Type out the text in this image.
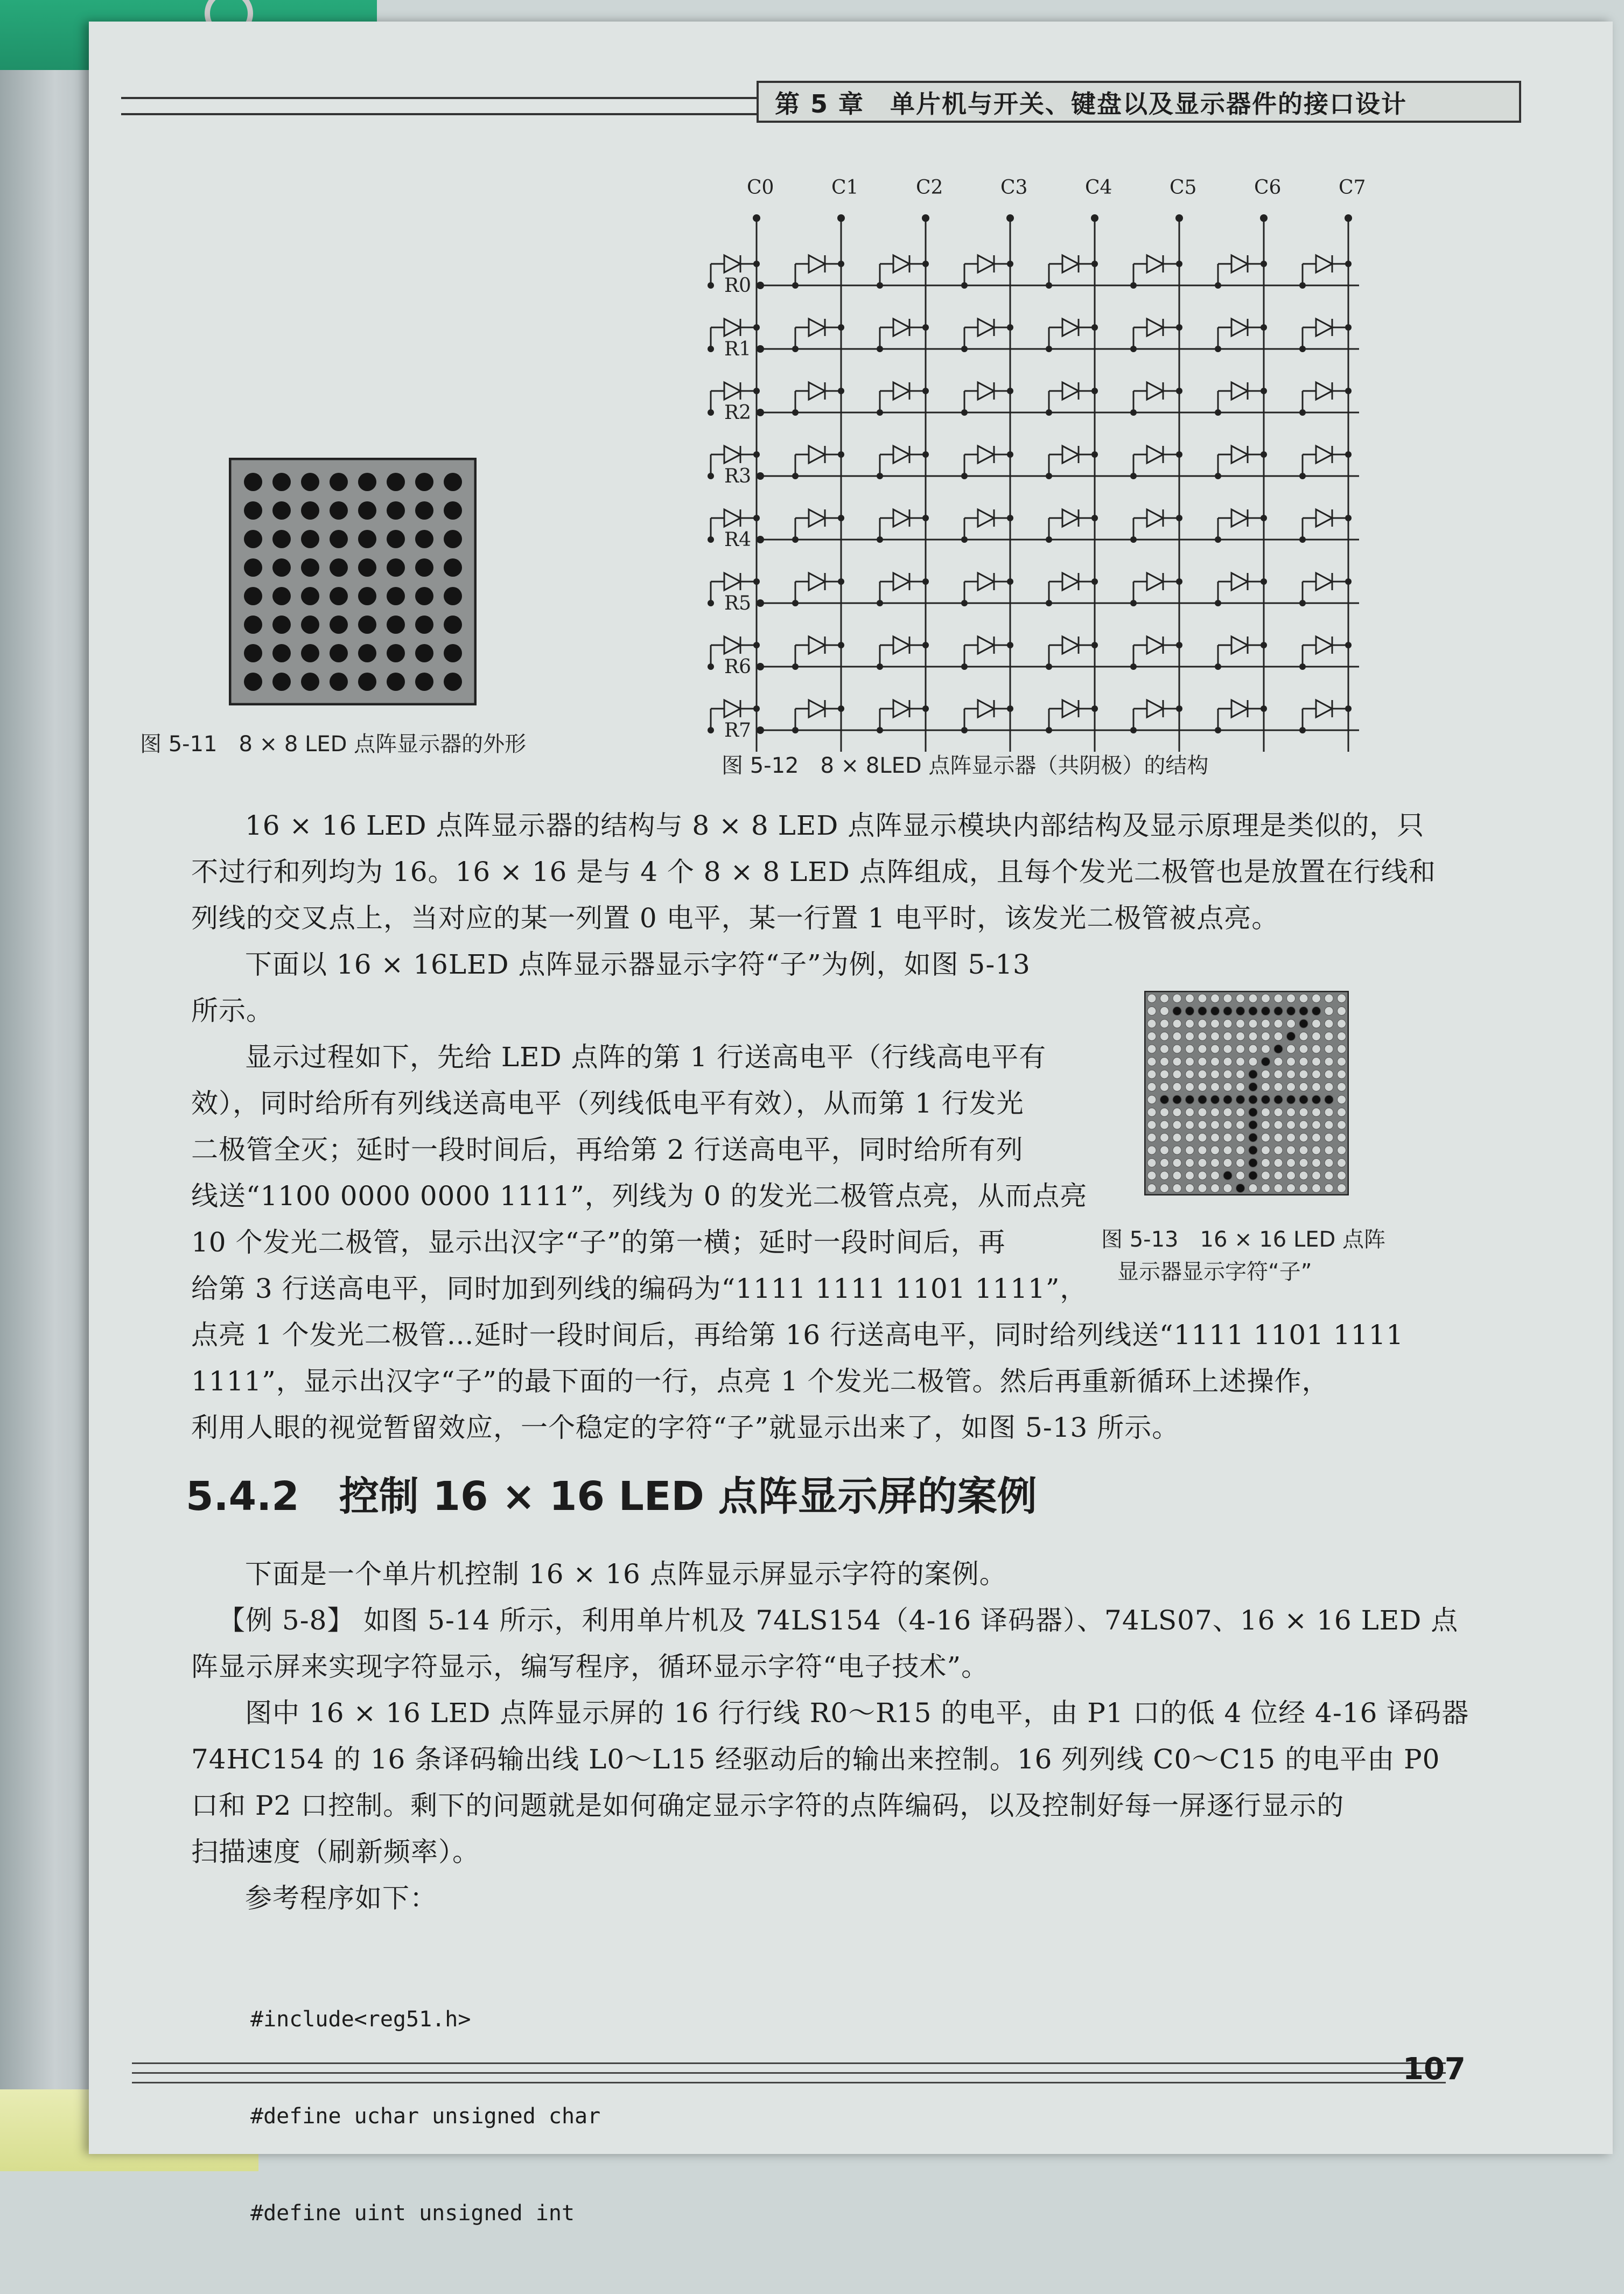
第 5 章　单片机与开关、键盘以及显示器件的接口设计
图 5-11　8 × 8 LED 点阵显示器的外形
C0	C1	C2	C3	C4	C5	C6	C7
R0
R1
R2
R3
R4
R5
R6
R7
图 5-12　8 × 8LED 点阵显示器（共阴极）的结构
16 × 16 LED 点阵显示器的结构与 8 × 8 LED 点阵显示模块内部结构及显示原理是类似的，只
不过行和列均为 16。16 × 16 是与 4 个 8 × 8 LED 点阵组成，且每个发光二极管也是放置在行线和
列线的交叉点上，当对应的某一列置 0 电平，某一行置 1 电平时，该发光二极管被点亮。
下面以 16 × 16LED 点阵显示器显示字符“子”为例，如图 5-13
所示。
图 5-13　16 × 16 LED 点阵
显示器显示字符“子”
显示过程如下，先给 LED 点阵的第 1 行送高电平（行线高电平有
效），同时给所有列线送高电平（列线低电平有效），从而第 1 行发光
二极管全灭；延时一段时间后，再给第 2 行送高电平，同时给所有列
线送“1100 0000 0000 1111”，列线为 0 的发光二极管点亮，从而点亮
10 个发光二极管，显示出汉字“子”的第一横；延时一段时间后，再
给第 3 行送高电平，同时加到列线的编码为“1111 1111 1101 1111”，
点亮 1 个发光二极管…延时一段时间后，再给第 16 行送高电平，同时给列线送“1111 1101 1111
1111”，显示出汉字“子”的最下面的一行，点亮 1 个发光二极管。然后再重新循环上述操作，
利用人眼的视觉暂留效应，一个稳定的字符“子”就显示出来了，如图 5-13 所示。
5.4.2　控制 16 × 16 LED 点阵显示屏的案例
下面是一个单片机控制 16 × 16 点阵显示屏显示字符的案例。
【例 5-8】 如图 5-14 所示，利用单片机及 74LS154（4-16 译码器）、74LS07、16 × 16 LED 点
阵显示屏来实现字符显示，编写程序，循环显示字符“电子技术”。
图中 16 × 16 LED 点阵显示屏的 16 行行线 R0～R15 的电平，由 P1 口的低 4 位经 4-16 译码器
74HC154 的 16 条译码输出线 L0～L15 经驱动后的输出来控制。16 列列线 C0～C15 的电平由 P0
口和 P2 口控制。剩下的问题就是如何确定显示字符的点阵编码，以及控制好每一屏逐行显示的
扫描速度（刷新频率）。
参考程序如下：

#include<reg51.h>

#define uchar unsigned char

#define uint unsigned int

107
